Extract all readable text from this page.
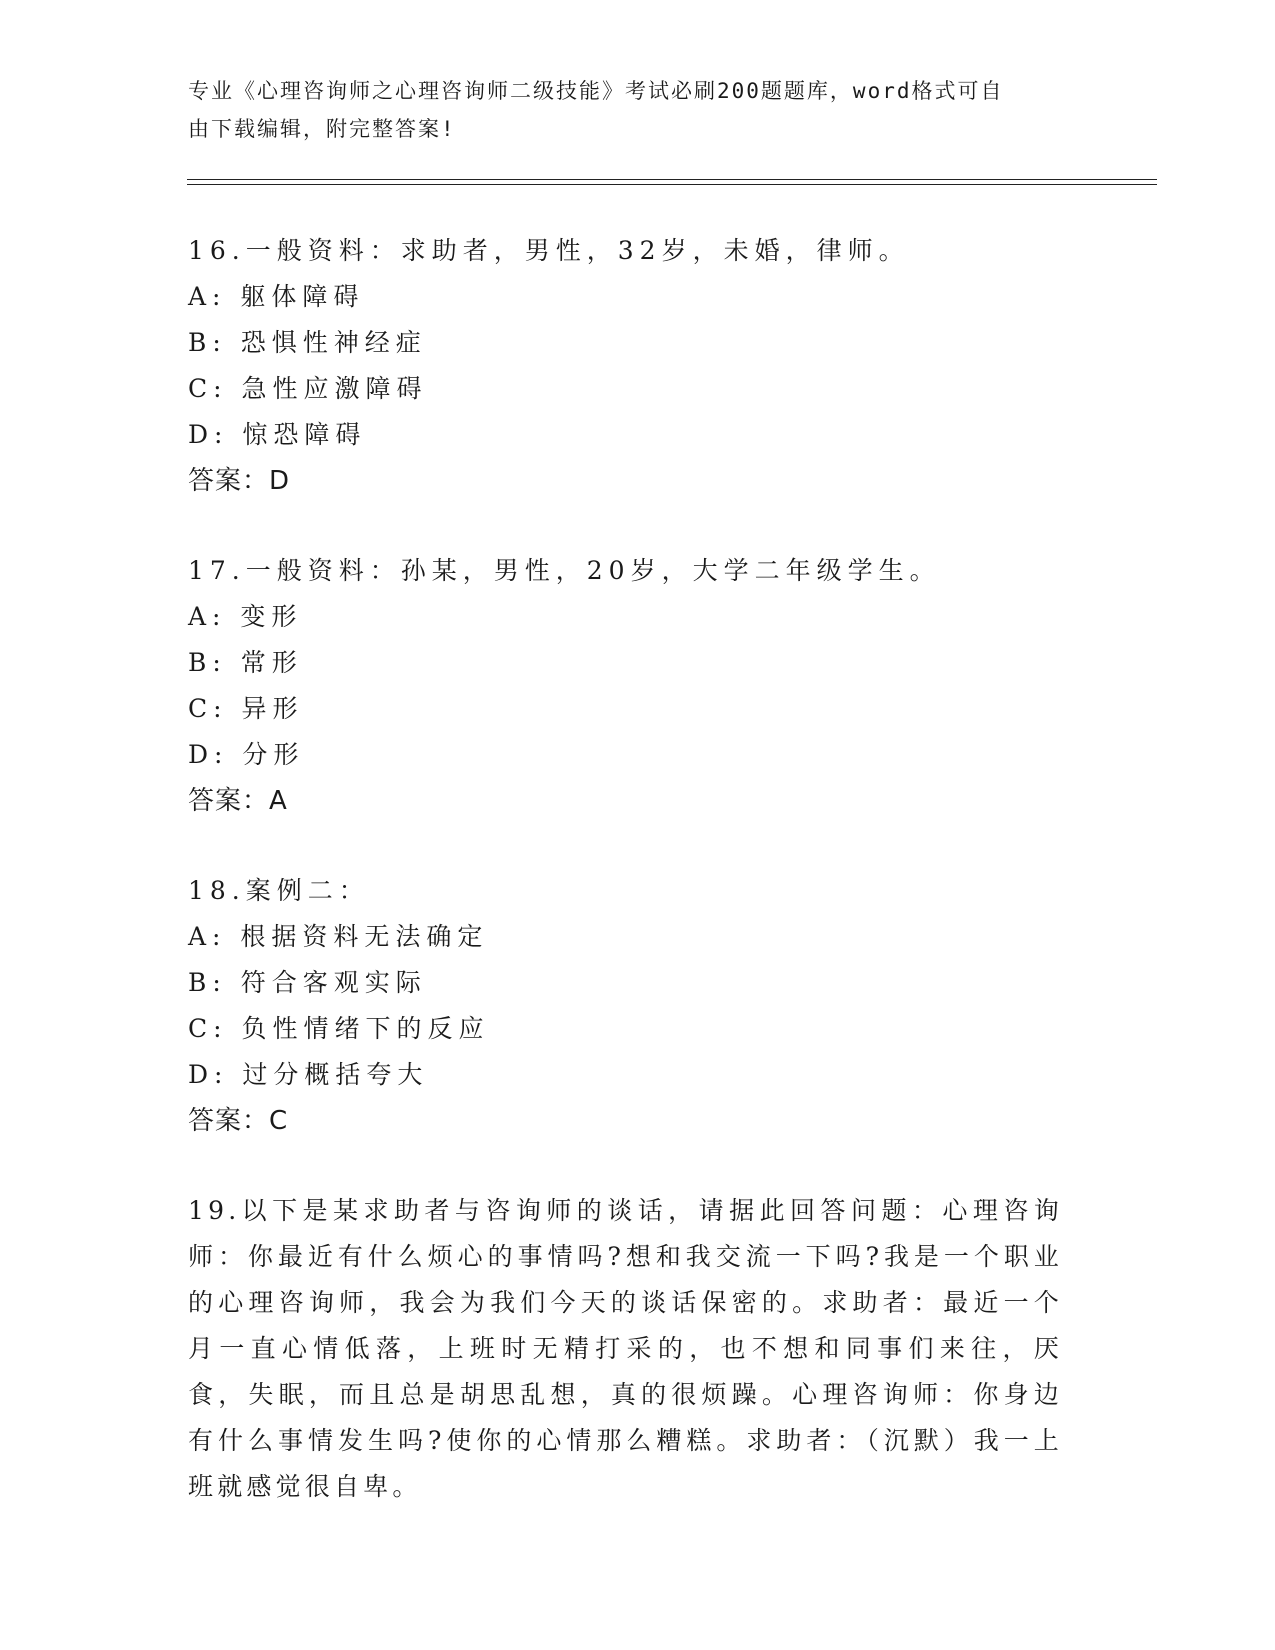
专业《心理咨询师之心理咨询师二级技能》考试必刷200题题库，word格式可自
由下载编辑，附完整答案!
16.一般资料：求助者，男性，32岁，未婚，律师。
A: 躯体障碍
B: 恐惧性神经症
C: 急性应激障碍
D: 惊恐障碍
答案：D
17.一般资料：孙某，男性，20岁，大学二年级学生。
A: 变形
B: 常形
C: 异形
D: 分形
答案：A
18.案例二：
A: 根据资料无法确定
B: 符合客观实际
C: 负性情绪下的反应
D: 过分概括夸大
答案：C
19.以下是某求助者与咨询师的谈话，请据此回答问题：心理咨询师：你最近有什么烦心的事情吗?想和我交流一下吗?我是一个职业的心理咨询师，我会为我们今天的谈话保密的。求助者：最近一个月一直心情低落，上班时无精打采的，也不想和同事们来往，厌食，失眠，而且总是胡思乱想，真的很烦躁。心理咨询师：你身边有什么事情发生吗?使你的心情那么糟糕。求助者：（沉默）我一上班就感觉很自卑。
